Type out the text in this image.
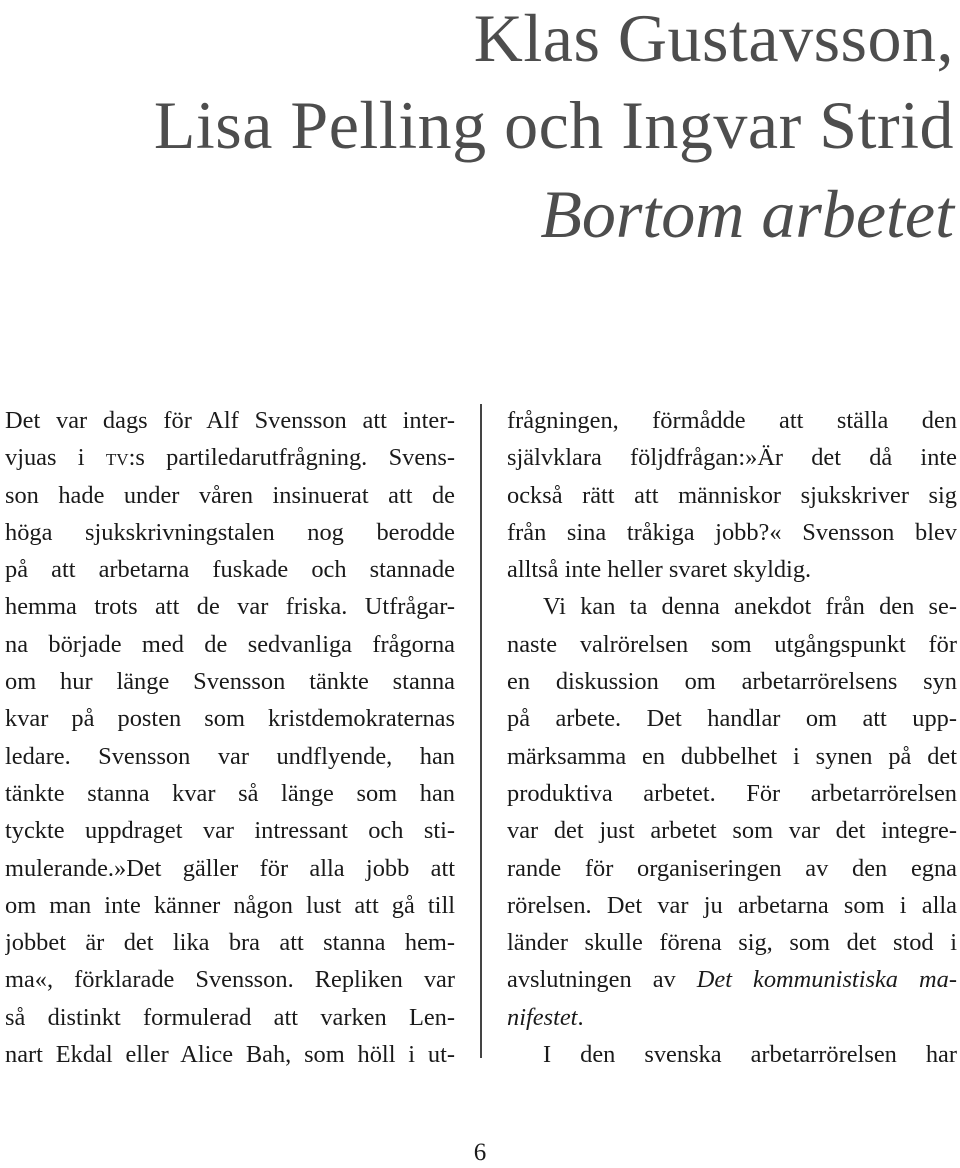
Klas Gustavsson,
Lisa Pelling och Ingvar Strid
Bortom arbetet
Det var dags för Alf Svensson att inter-
vjuas i tv:s partiledarutfrågning. Svens-
son hade under våren insinuerat att de
höga sjukskrivningstalen nog berodde
på att arbetarna fuskade och stannade
hemma trots att de var friska. Utfrågar-
na började med de sedvanliga frågorna
om hur länge Svensson tänkte stanna
kvar på posten som kristdemokraternas
ledare. Svensson var undflyende, han
tänkte stanna kvar så länge som han
tyckte uppdraget var intressant och sti-
mulerande.»Det gäller för alla jobb att
om man inte känner någon lust att gå till
jobbet är det lika bra att stanna hem-
ma«, förklarade Svensson. Repliken var
så distinkt formulerad att varken Len-
nart Ekdal eller Alice Bah, som höll i ut-
frågningen, förmådde att ställa den
självklara följdfrågan:»Är det då inte
också rätt att människor sjukskriver sig
från sina tråkiga jobb?« Svensson blev
alltså inte heller svaret skyldig.
Vi kan ta denna anekdot från den se-
naste valrörelsen som utgångspunkt för
en diskussion om arbetarrörelsens syn
på arbete. Det handlar om att upp-
märksamma en dubbelhet i synen på det
produktiva arbetet. För arbetarrörelsen
var det just arbetet som var det integre-
rande för organiseringen av den egna
rörelsen. Det var ju arbetarna som i alla
länder skulle förena sig, som det stod i
avslutningen av Det kommunistiska ma-
nifestet.
I den svenska arbetarrörelsen har
6
